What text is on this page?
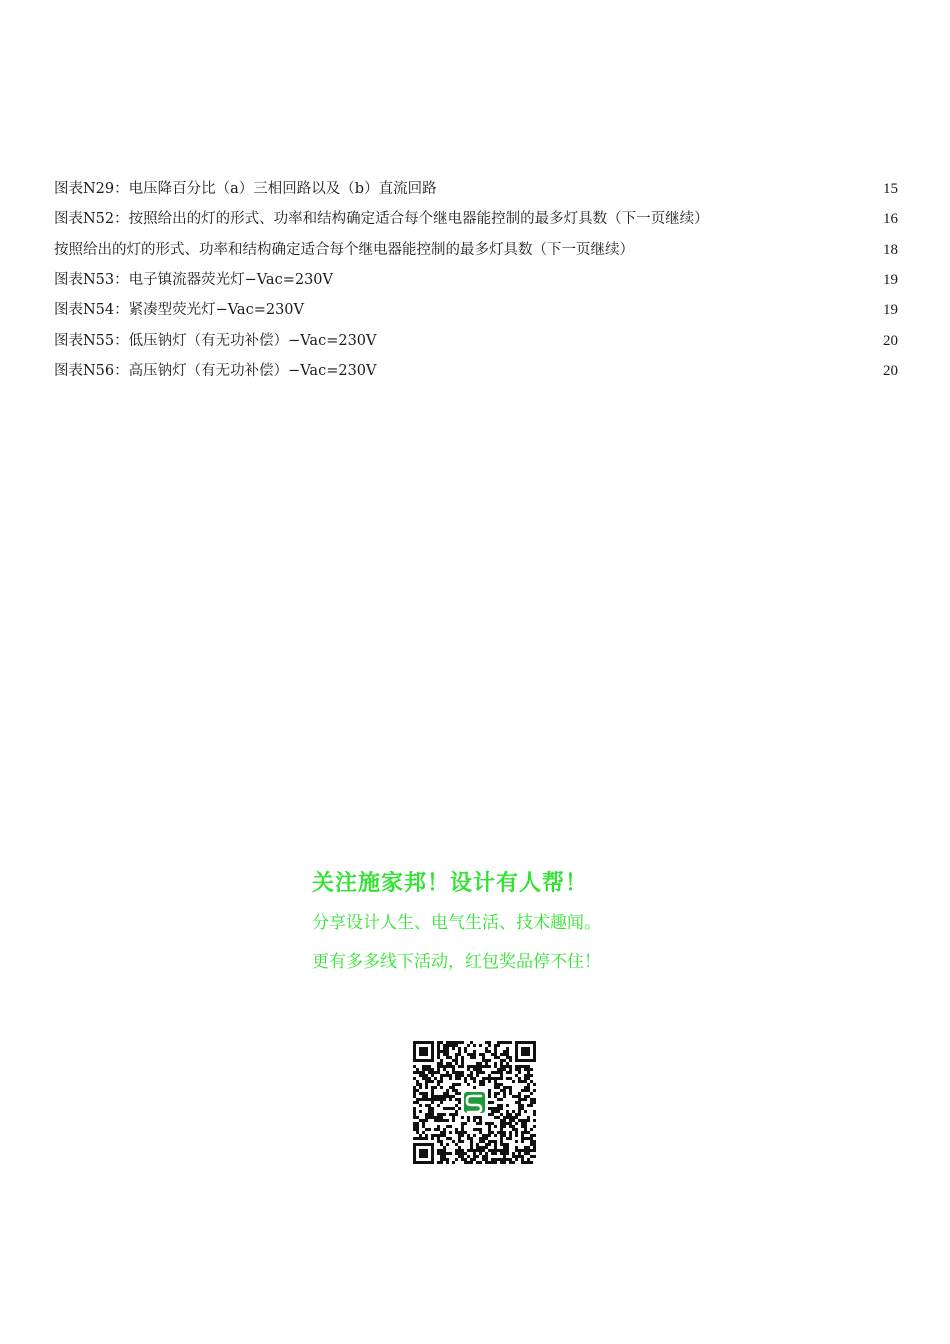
图表N29：电压降百分比（a）三相回路以及（b）直流回路	15
图表N52：按照给出的灯的形式、功率和结构确定适合每个继电器能控制的最多灯具数（下一页继续）	16
按照给出的灯的形式、功率和结构确定适合每个继电器能控制的最多灯具数（下一页继续）	18
图表N53：电子镇流器荧光灯−Vac=230V	19
图表N54：紧凑型荧光灯−Vac=230V	19
图表N55：低压钠灯（有无功补偿）−Vac=230V	20
图表N56：高压钠灯（有无功补偿）−Vac=230V	20
关注施家邦！设计有人帮！
分享设计人生、电气生活、技术趣闻。
更有多多线下活动，红包奖品停不住！
